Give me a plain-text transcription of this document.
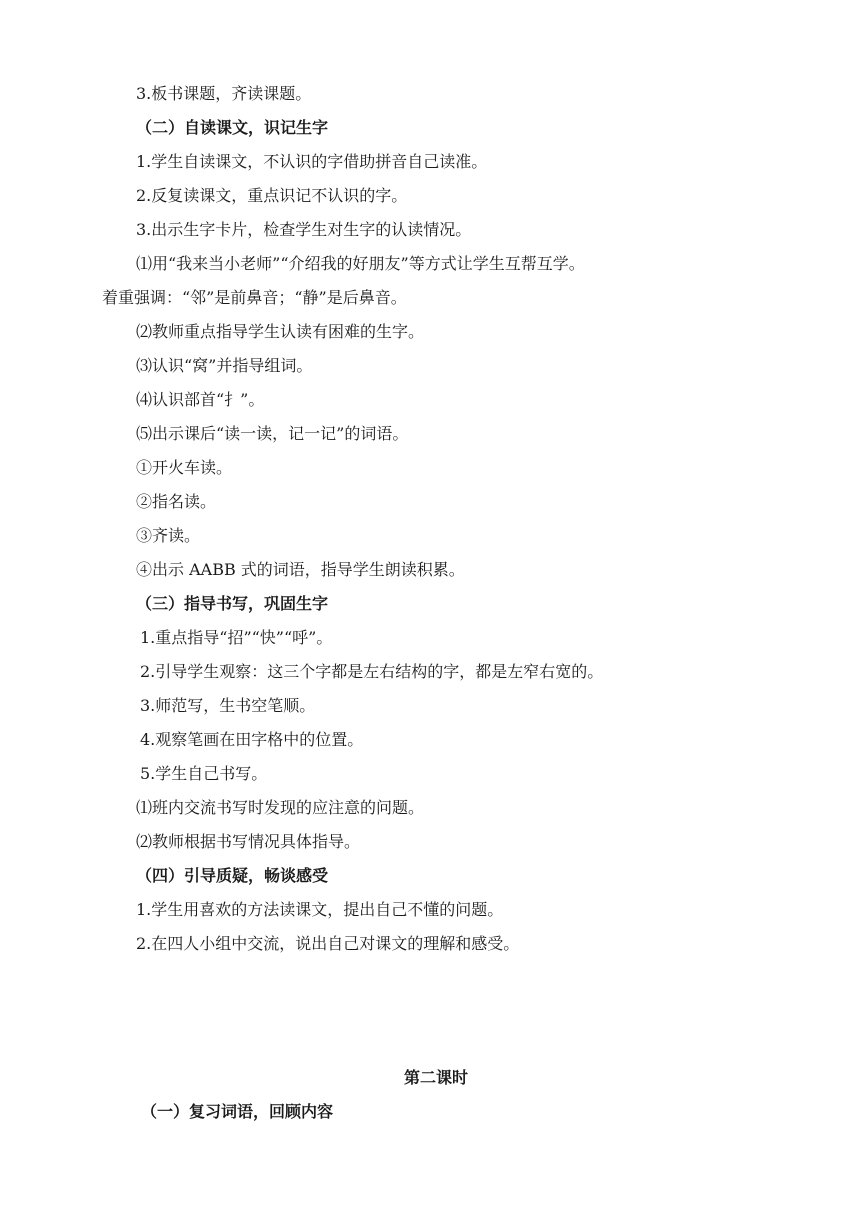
3.板书课题，齐读课题。
（二）自读课文，识记生字
1.学生自读课文，不认识的字借助拼音自己读准。
2.反复读课文，重点识记不认识的字。
3.出示生字卡片，检查学生对生字的认读情况。
⑴用“我来当小老师”“介绍我的好朋友”等方式让学生互帮互学。
着重强调：“邻”是前鼻音；“静”是后鼻音。
⑵教师重点指导学生认读有困难的生字。
⑶认识“窝”并指导组词。
⑷认识部首“⺘”。
⑸出示课后“读一读，记一记”的词语。
①开火车读。
②指名读。
③齐读。
④出示 AABB 式的词语，指导学生朗读积累。
（三）指导书写，巩固生字
1.重点指导“招”“快”“呼”。
2.引导学生观察：这三个字都是左右结构的字，都是左窄右宽的。
3.师范写，生书空笔顺。
4.观察笔画在田字格中的位置。
5.学生自己书写。
⑴班内交流书写时发现的应注意的问题。
⑵教师根据书写情况具体指导。
（四）引导质疑，畅谈感受
1.学生用喜欢的方法读课文，提出自己不懂的问题。
2.在四人小组中交流，说出自己对课文的理解和感受。
第二课时
（一）复习词语，回顾内容
